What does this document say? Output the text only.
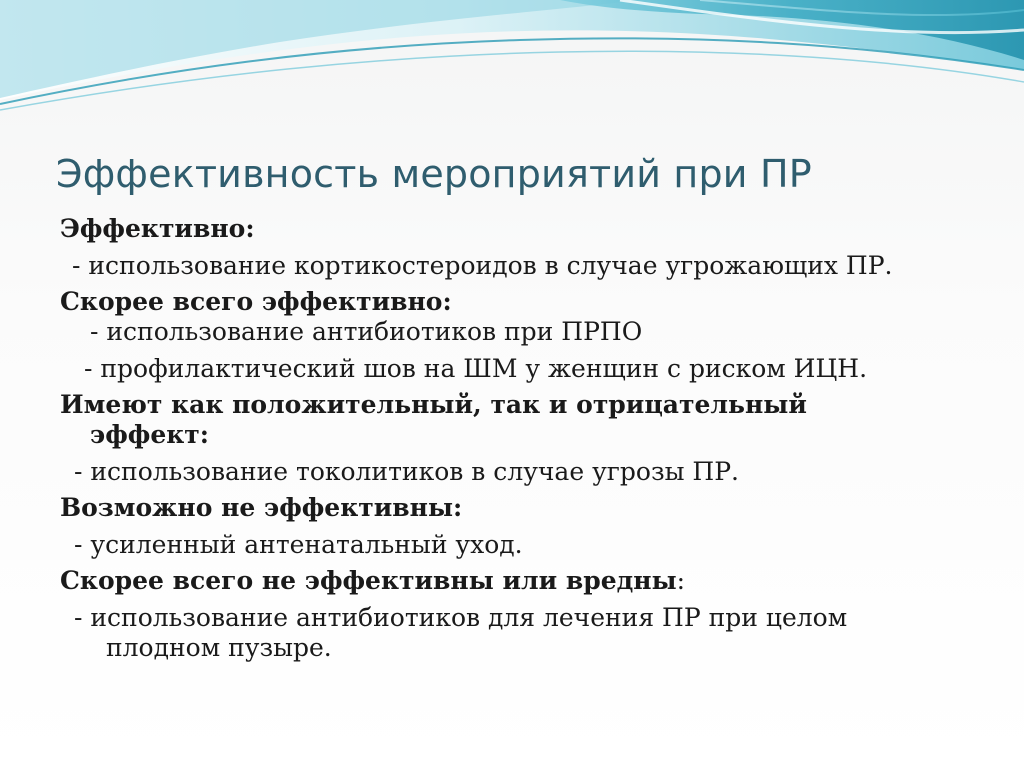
Эффективность мероприятий при ПР
Эффективно:
- использование кортикостероидов в случае угрожающих ПР.
Скорее всего эффективно:
- использование антибиотиков при ПРПО
- профилактический шов на ШМ у женщин с риском ИЦН.
Имеют как положительный, так и отрицательный
эффект:
- использование токолитиков в случае угрозы ПР.
Возможно не эффективны:
- усиленный антенатальный уход.
Скорее всего не эффективны или вредны:
- использование антибиотиков для лечения ПР при целом
плодном пузыре.
